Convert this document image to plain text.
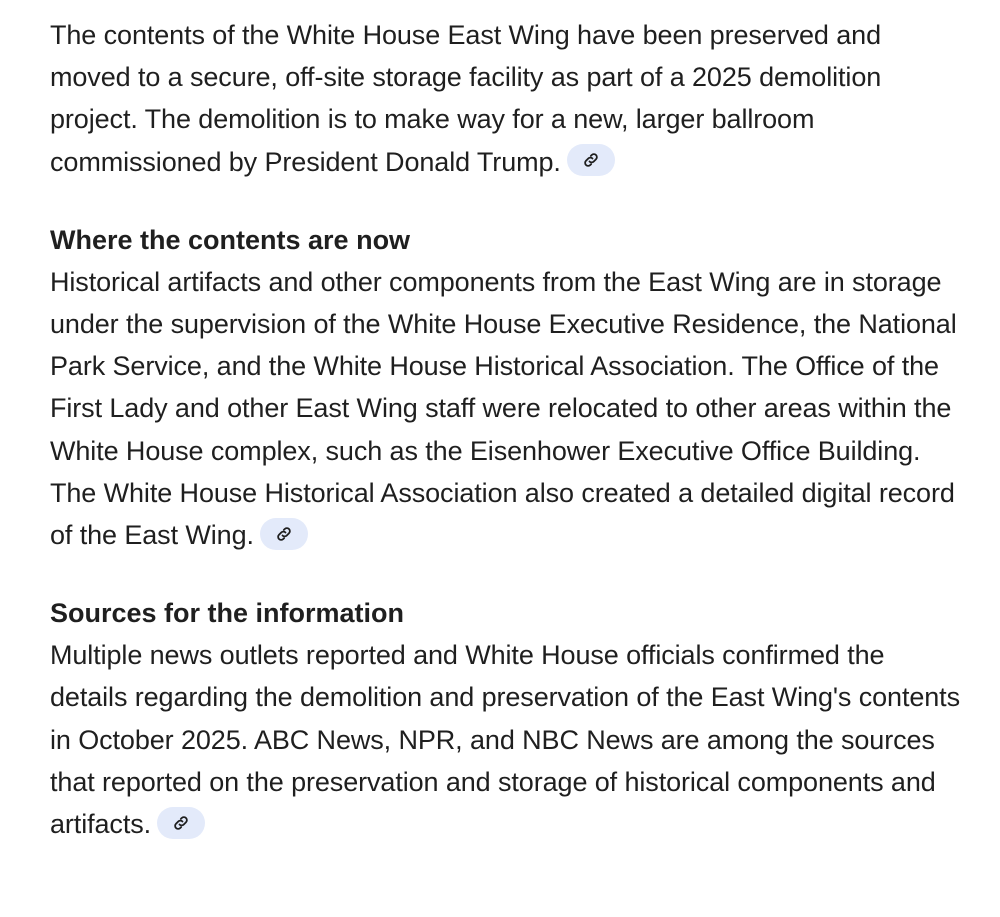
The contents of the White House East Wing have been preserved and moved to a secure, off-site storage facility as part of a 2025 demolition project. The demolition is to make way for a new, larger ballroom commissioned by President Donald Trump.

Where the contents are now

Historical artifacts and other components from the East Wing are in storage under the supervision of the White House Executive Residence, the National Park Service, and the White House Historical Association. The Office of the First Lady and other East Wing staff were relocated to other areas within the White House complex, such as the Eisenhower Executive Office Building. The White House Historical Association also created a detailed digital record of the East Wing.

Sources for the information

Multiple news outlets reported and White House officials confirmed the details regarding the demolition and preservation of the East Wing's contents in October 2025. ABC News, NPR, and NBC News are among the sources that reported on the preservation and storage of historical components and artifacts.
